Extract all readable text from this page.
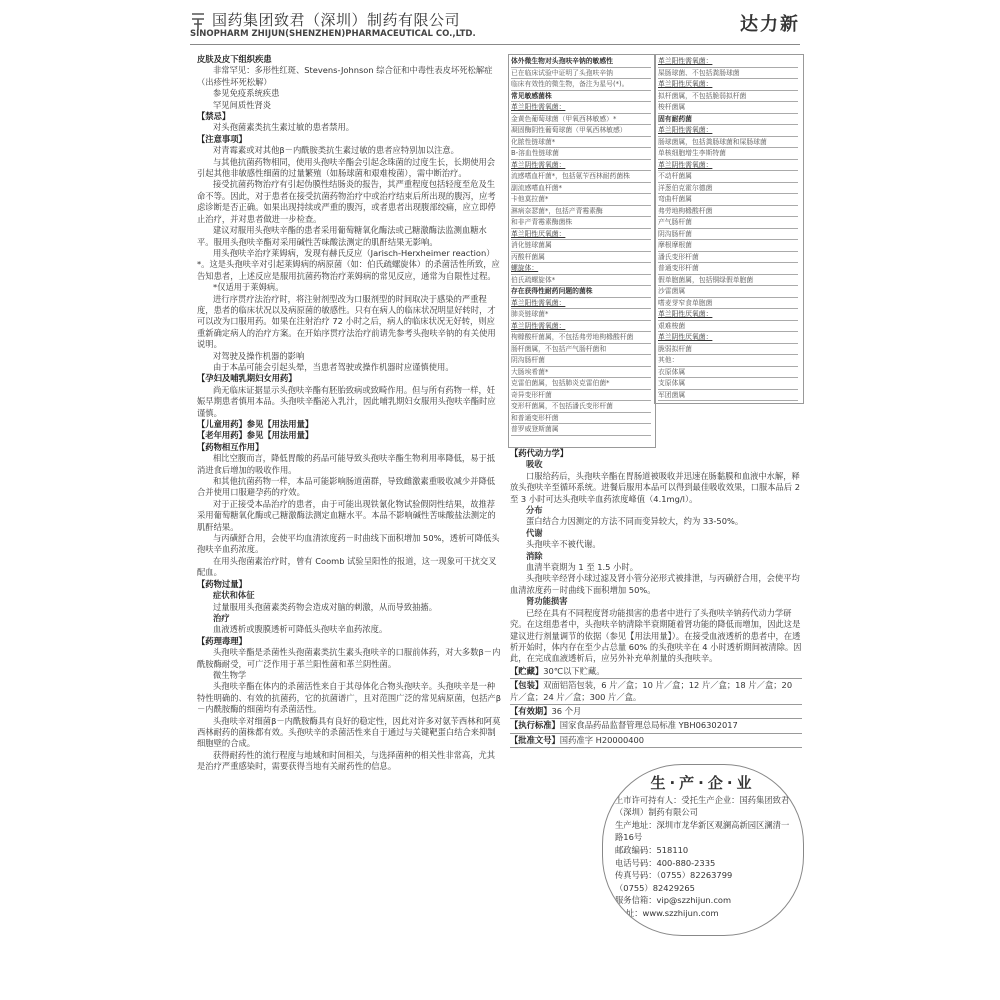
国药集团致君（深圳）制药有限公司
SINOPHARM ZHIJUN(SHENZHEN)PHARMACEUTICAL CO.,LTD.	达力新

皮肤及皮下组织疾患

非常罕见：多形性红斑、Stevens-Johnson 综合征和中毒性表皮坏死松解症（出疹性坏死松解）

参见免疫系统疾患

罕见间质性肾炎

【禁忌】

对头孢菌素类抗生素过敏的患者禁用。

【注意事项】

对青霉素或对其他β－内酰胺类抗生素过敏的患者应特别加以注意。

与其他抗菌药物相同，使用头孢呋辛酯会引起念珠菌的过度生长，长期使用会引起其他非敏感性细菌的过量繁殖（如肠球菌和艰难梭菌），需中断治疗。

接受抗菌药物治疗有引起伪膜性结肠炎的报告，其严重程度包括轻度至危及生命不等。因此，对于患者在接受抗菌药物治疗中或治疗结束后所出现的腹泻，应考虑诊断是否正确。如果出现持续或严重的腹泻，或者患者出现腹部绞痛，应立即停止治疗，并对患者做进一步检查。

建议对服用头孢呋辛酯的患者采用葡萄糖氧化酶法或己糖激酶法监测血糖水平。服用头孢呋辛酯对采用碱性苦味酸法测定的肌酐结果无影响。

用头孢呋辛治疗莱姆病，发现有赫氏反应（Jarisch-Herxheimer reaction）*。这是头孢呋辛对引起莱姆病的病原菌（如：伯氏疏螺旋体）的杀菌活性所致，应告知患者，上述反应是服用抗菌药物治疗莱姆病的常见反应，通常为自限性过程。

*仅适用于莱姆病。

进行序贯疗法治疗时，将注射剂型改为口服剂型的时间取决于感染的严重程度，患者的临床状况以及病原菌的敏感性。只有在病人的临床状况明显好转时，才可以改为口服用药。如果在注射治疗 72 小时之后，病人的临床状况无好转，则应重新确定病人的治疗方案。在开始序贯疗法治疗前请先参考头孢呋辛钠的有关使用说明。

对驾驶及操作机器的影响

由于本品可能会引起头晕，当患者驾驶或操作机器时应谨慎使用。

【孕妇及哺乳期妇女用药】

尚无临床证据显示头孢呋辛酯有胚胎致病或致畸作用。但与所有药物一样，妊娠早期患者慎用本品。头孢呋辛酯泌入乳汁，因此哺乳期妇女服用头孢呋辛酯时应谨慎。

【儿童用药】参见【用法用量】

【老年用药】参见【用法用量】

【药物相互作用】

相比空腹而言，降低胃酸的药品可能导致头孢呋辛酯生物利用率降低，易于抵消进食后增加的吸收作用。

和其他抗菌药物一样，本品可能影响肠道菌群，导致雌激素重吸收减少并降低合并使用口服避孕药的疗效。

对于正接受本品治疗的患者，由于可能出现铁氰化物试验假阴性结果，故推荐采用葡萄糖氧化酶或己糖激酶法测定血糖水平。本品不影响碱性苦味酸盐法测定的肌酐结果。

与丙磺舒合用，会使平均血清浓度药－时曲线下面积增加 50%，透析可降低头孢呋辛血药浓度。

在用头孢菌素治疗时，曾有 Coomb 试验呈阳性的报道，这一现象可干扰交叉配血。

【药物过量】

症状和体征

过量服用头孢菌素类药物会造成对脑的刺激，从而导致抽搐。

治疗

血液透析或腹膜透析可降低头孢呋辛血药浓度。

【药理毒理】

头孢呋辛酯是杀菌性头孢菌素类抗生素头孢呋辛的口服前体药，对大多数β－内酰胺酶耐受，可广泛作用于革兰阳性菌和革兰阴性菌。

微生物学

头孢呋辛酯在体内的杀菌活性来自于其母体化合物头孢呋辛。头孢呋辛是一种特性明确的、有效的抗菌药，它的抗菌谱广，且对范围广泛的常见病原菌，包括产β－内酰胺酶的细菌均有杀菌活性。

头孢呋辛对细菌β－内酰胺酶具有良好的稳定性，因此对许多对氨苄西林和阿莫西林耐药的菌株都有效。头孢呋辛的杀菌活性来自于通过与关键靶蛋白结合来抑制细胞壁的合成。

获得耐药性的流行程度与地域和时间相关，与选择菌种的相关性非常高，尤其是治疗严重感染时，需要获得当地有关耐药性的信息。

体外微生物对头孢呋辛钠的敏感性
已在临床试验中证明了头孢呋辛钠
临床有效性的微生物，备注为星号(*)。
常见敏感菌株
革兰阳性需氧菌：
金黄色葡萄球菌（甲氧西林敏感）*
凝固酶阴性葡萄球菌（甲氧西林敏感）
化脓性链球菌*
B-溶血性链球菌
革兰阴性需氧菌：
流感嗜血杆菌*，包括氨苄西林耐药菌株
副流感嗜血杆菌*
卡他莫拉菌*
淋病奈瑟菌*，包括产青霉素酶
和非产青霉素酶菌株
革兰阳性厌氧菌：
消化链球菌属
丙酸杆菌属
螺旋体：
伯氏疏螺旋体*
存在获得性耐药问题的菌株
革兰阳性需氧菌：
肺炎链球菌*
革兰阴性需氧菌：
枸橼酸杆菌属，不包括弗劳地枸橼酸杆菌
肠杆菌属，不包括产气肠杆菌和
阴沟肠杆菌
大肠埃希菌*
克雷伯菌属，包括肺炎克雷伯菌*
奇异变形杆菌
变形杆菌属，不包括潘氏变形杆菌
和普通变形杆菌
普罗威登斯菌属
革兰阳性需氧菌：
屎肠球菌、不包括粪肠球菌
革兰阳性厌氧菌：
拟杆菌属，不包括脆弱拟杆菌
梭杆菌属
固有耐药菌
革兰阳性需氧菌：
肠球菌属，包括粪肠球菌和屎肠球菌
单核细胞增生李斯特菌
革兰阴性需氧菌：
不动杆菌属
洋葱伯克霍尔德菌
弯曲杆菌属
弗劳地枸橼酸杆菌
产气肠杆菌
阴沟肠杆菌
摩根摩根菌
潘氏变形杆菌
普通变形杆菌
假单胞菌属，包括铜绿假单胞菌
沙雷菌属
嗜麦芽窄食单胞菌
革兰阳性厌氧菌：
艰难梭菌
革兰阴性厌氧菌：
脆弱拟杆菌
其他：
衣原体属
支原体属
军团菌属

【药代动力学】

吸收

口服给药后，头孢呋辛酯在胃肠道被吸收并迅速在肠黏膜和血液中水解，释放头孢呋辛至循环系统。进餐后服用本品可以得到最佳吸收效果，口服本品后 2 至 3 小时可达头孢呋辛血药浓度峰值（4.1mg/l）。

分布

蛋白结合力因测定的方法不同而变异较大，约为 33-50%。

代谢

头孢呋辛不被代谢。

消除

血清半衰期为 1 至 1.5 小时。

头孢呋辛经肾小球过滤及肾小管分泌形式被排泄，与丙磺舒合用，会使平均血清浓度药－时曲线下面积增加 50%。

肾功能损害

已经在具有不同程度肾功能损害的患者中进行了头孢呋辛钠药代动力学研究。在这组患者中，头孢呋辛钠清除半衰期随着肾功能的降低而增加，因此这是建议进行剂量调节的依据（参见【用法用量】）。在接受血液透析的患者中，在透析开始时，体内存在至少占总量 60% 的头孢呋辛在 4 小时透析期间被清除。因此，在完成血液透析后，应另外补充单剂量的头孢呋辛。

【贮藏】30℃以下贮藏。
【包装】双面铝箔包装，6 片／盒；10 片／盒；12 片／盒；18 片／盒；20 片／盒；24 片／盒；300 片／盒。
【有效期】36 个月
【执行标准】国家食品药品监督管理总局标准 YBH06302017
【批准文号】国药准字 H20000400
生·产·企·业
上市许可持有人：受托生产企业：国药集团致君（深圳）制药有限公司
生产地址：深圳市龙华新区观澜高新园区澜清一路16号
邮政编码：518110
电话号码：400-880-2335
传真号码：（0755）82263799
（0755）82429265
服务信箱：vip@szzhijun.com
网 址：www.szzhijun.com
